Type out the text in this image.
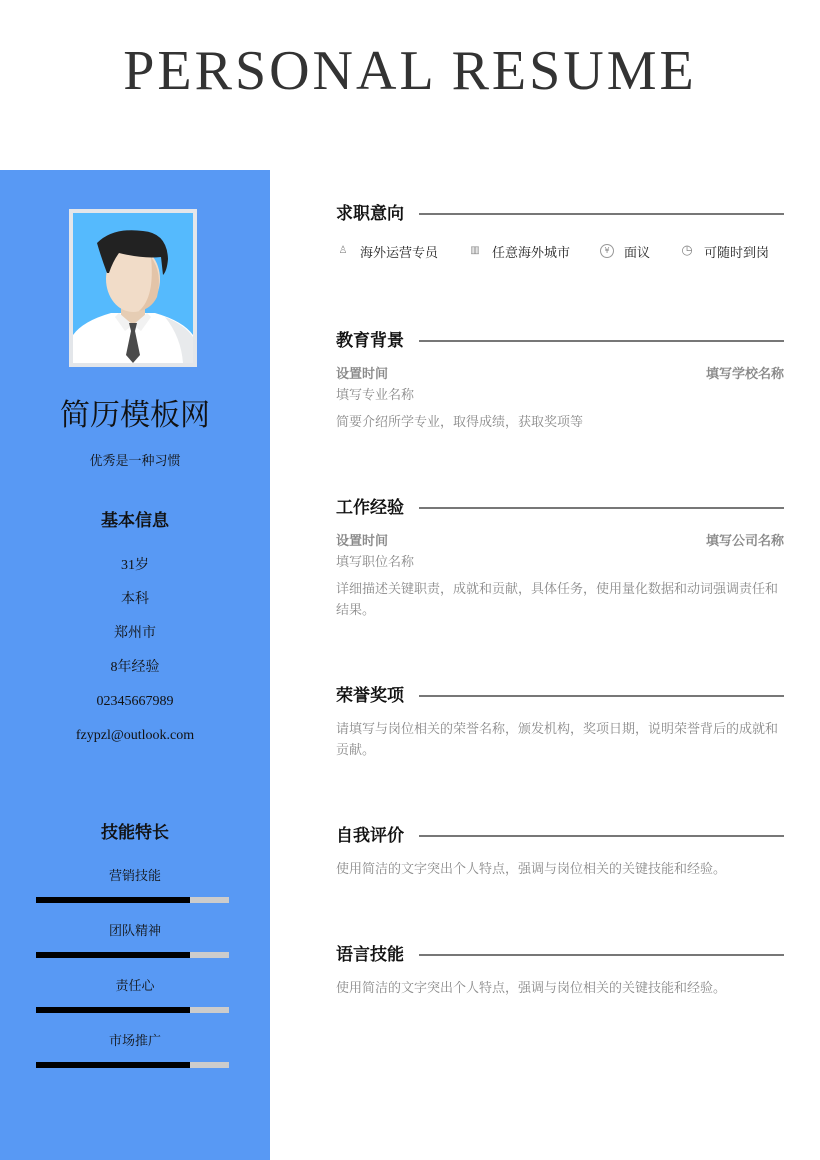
PERSONAL RESUME
简历模板网
优秀是一种习惯
基本信息
31岁
本科
郑州市
8年经验
02345667989
fzypzl@outlook.com
技能特长
营销技能
团队精神
责任心
市场推广
求职意向
♙ 海外运营专员	▥ 任意海外城市	¥	面议 ◷ 可随时到岗
教育背景
设置时间	填写学校名称
填写专业名称
简要介绍所学专业，取得成绩，获取奖项等
工作经验
设置时间	填写公司名称
填写职位名称
详细描述关键职责，成就和贡献，具体任务，使用量化数据和动词强调责任和结果。
荣誉奖项
请填写与岗位相关的荣誉名称，颁发机构，奖项日期，说明荣誉背后的成就和贡献。
自我评价
使用简洁的文字突出个人特点，强调与岗位相关的关键技能和经验。
语言技能
使用简洁的文字突出个人特点，强调与岗位相关的关键技能和经验。
